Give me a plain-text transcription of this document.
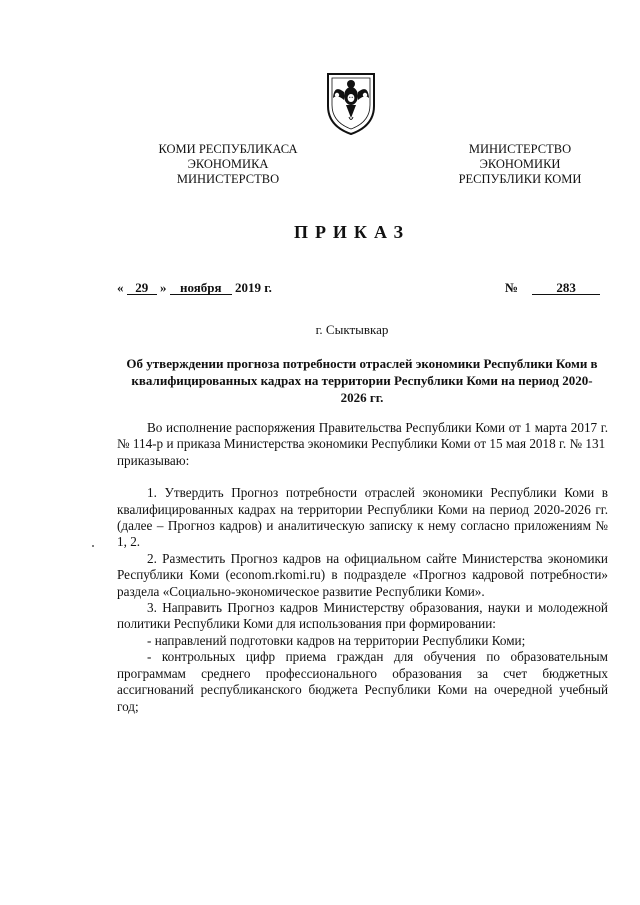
КОМИ РЕСПУБЛИКАСА
ЭКОНОМИКА
МИНИСТЕРСТВО
МИНИСТЕРСТВО
ЭКОНОМИКИ
РЕСПУБЛИКИ КОМИ
ПРИКАЗ
« 29 » ноября 2019 г.	№	283
г. Сыктывкар
Об утверждении прогноза потребности отраслей экономики Республики Коми в квалифицированных кадрах на территории Республики Коми на период 2020-2026 гг.

Во исполнение распоряжения Правительства Республики Коми от 1 марта 2017 г. № 114-р и приказа Министерства экономики Республики Коми от 15 мая 2018 г. № 131

приказываю:

1. Утвердить Прогноз потребности отраслей экономики Республики Коми в квалифицированных кадрах на территории Республики Коми на период 2020-2026 гг. (далее – Прогноз кадров) и аналитическую записку к нему согласно приложениям № 1, 2.

2. Разместить Прогноз кадров на официальном сайте Министерства экономики Республики Коми (econom.rkomi.ru) в подразделе «Прогноз кадровой потребности» раздела «Социально-экономическое развитие Республики Коми».

3. Направить Прогноз кадров Министерству образования, науки и молодежной политики Республики Коми для использования при формировании:

- направлений подготовки кадров на территории Республики Коми;

- контрольных цифр приема граждан для обучения по образовательным программам среднего профессионального образования за счет бюджетных ассигнований республиканского бюджета Республики Коми на очередной учебный год;
